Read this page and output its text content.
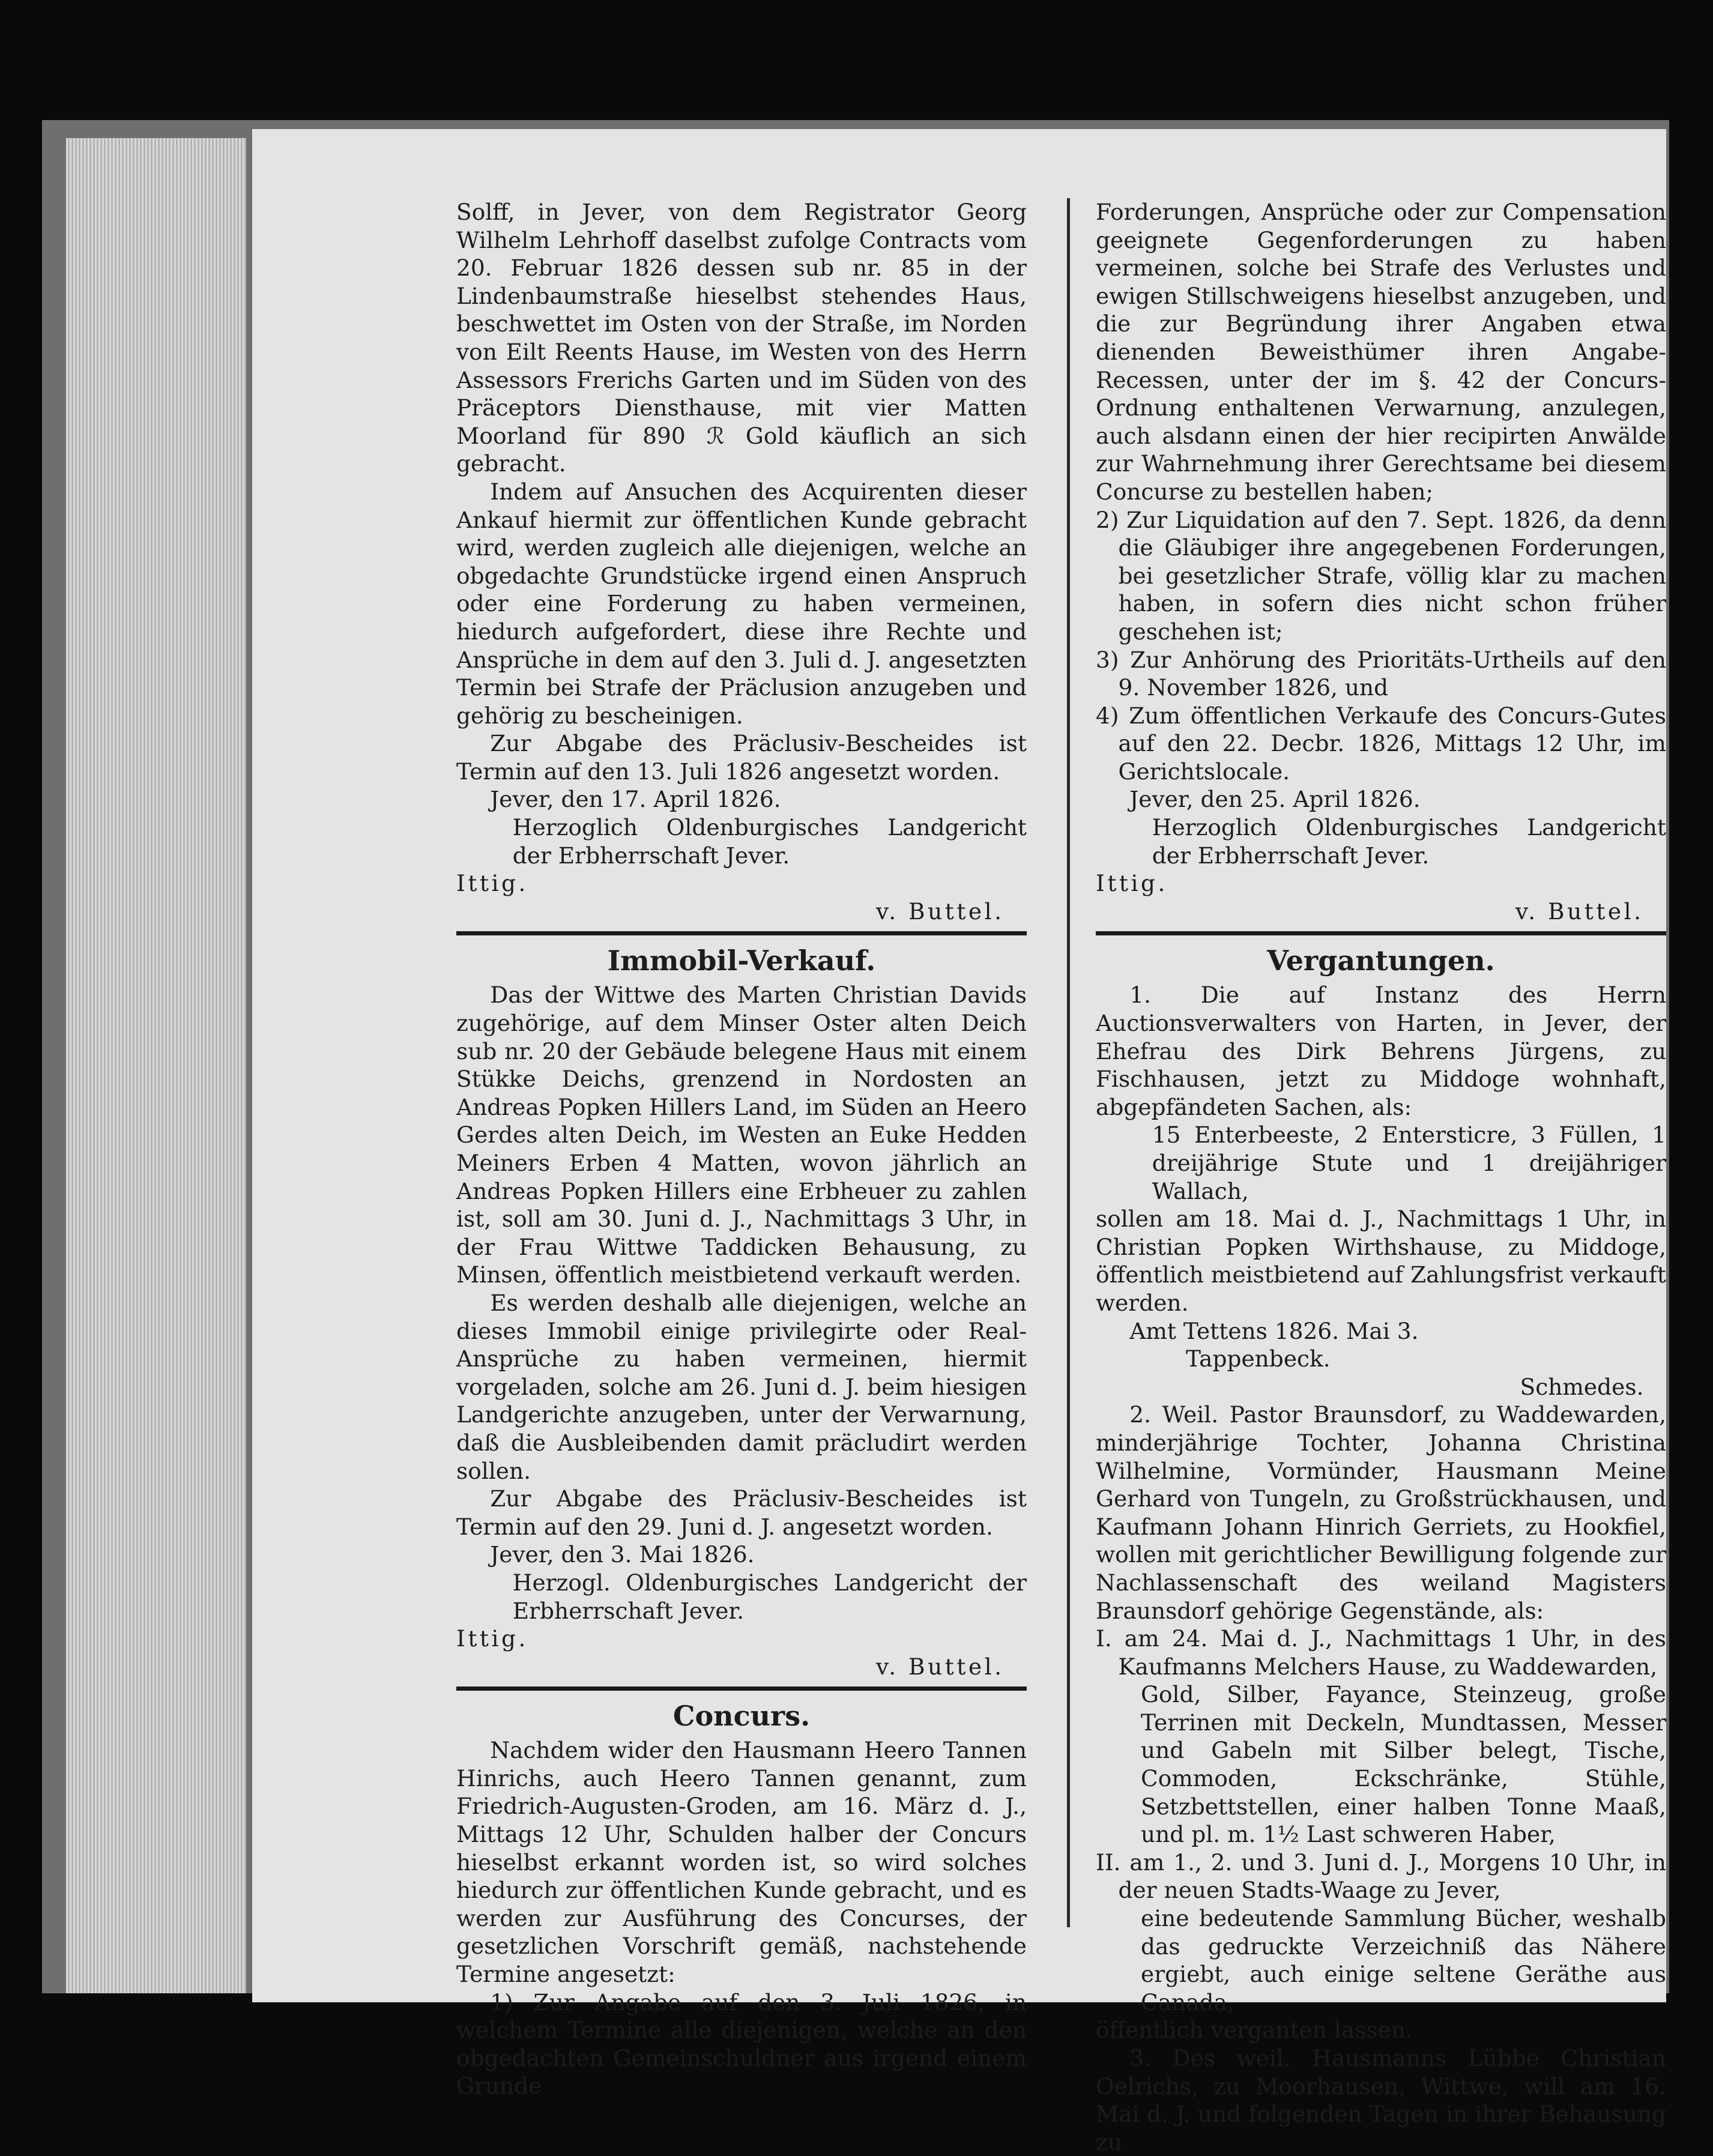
Solff, in Jever, von dem Registrator Georg Wilhelm Lehrhoff daselbst zufolge Contracts vom 20. Februar 1826 dessen sub nr. 85 in der Lindenbaumstraße hieselbst stehendes Haus, beschwettet im Osten von der Straße, im Norden von Eilt Reents Hause, im Westen von des Herrn Assessors Frerichs Garten und im Süden von des Präceptors Diensthause, mit vier Matten Moorland für 890 ℛ Gold käuflich an sich gebracht.

Indem auf Ansuchen des Acquirenten dieser Ankauf hiermit zur öffentlichen Kunde gebracht wird, werden zugleich alle diejenigen, welche an obgedachte Grundstücke irgend einen Anspruch oder eine Forderung zu haben vermeinen, hiedurch aufgefordert, diese ihre Rechte und Ansprüche in dem auf den 3. Juli d. J. angesetzten Termin bei Strafe der Präclusion anzugeben und gehörig zu bescheinigen.

Zur Abgabe des Präclusiv-Bescheides ist Termin auf den 13. Juli 1826 angesetzt worden.

Jever, den 17. April 1826.

Herzoglich Oldenburgisches Landgericht der Erbherrschaft Jever.

Ittig.

v. Buttel.

Immobil-Verkauf.

Das der Wittwe des Marten Christian Davids zugehörige, auf dem Minser Oster alten Deich sub nr. 20 der Gebäude belegene Haus mit einem Stükke Deichs, grenzend in Nordosten an Andreas Popken Hillers Land, im Süden an Heero Gerdes alten Deich, im Westen an Euke Hedden Meiners Erben 4 Matten, wovon jährlich an Andreas Popken Hillers eine Erbheuer zu zahlen ist, soll am 30. Juni d. J., Nachmittags 3 Uhr, in der Frau Wittwe Taddicken Behausung, zu Minsen, öffentlich meistbietend verkauft werden.

Es werden deshalb alle diejenigen, welche an dieses Immobil einige privilegirte oder Real-Ansprüche zu haben vermeinen, hiermit vorgeladen, solche am 26. Juni d. J. beim hiesigen Landgerichte anzugeben, unter der Verwarnung, daß die Ausbleibenden damit präcludirt werden sollen.

Zur Abgabe des Präclusiv-Bescheides ist Termin auf den 29. Juni d. J. angesetzt worden.

Jever, den 3. Mai 1826.

Herzogl. Oldenburgisches Landgericht der Erbherrschaft Jever.

Ittig.

v. Buttel.

Concurs.

Nachdem wider den Hausmann Heero Tannen Hinrichs, auch Heero Tannen genannt, zum Friedrich-Augusten-Groden, am 16. März d. J., Mittags 12 Uhr, Schulden halber der Concurs hieselbst erkannt worden ist, so wird solches hiedurch zur öffentlichen Kunde gebracht, und es werden zur Ausführung des Concurses, der gesetzlichen Vorschrift gemäß, nachstehende Termine angesetzt:

1) Zur Angabe auf den 3. Juli 1826, in welchem Termine alle diejenigen, welche an den obgedachten Gemeinschuldner aus irgend einem Grunde

Forderungen, Ansprüche oder zur Compensation geeignete Gegenforderungen zu haben vermeinen, solche bei Strafe des Verlustes und ewigen Stillschweigens hieselbst anzugeben, und die zur Begründung ihrer Angaben etwa dienenden Beweisthümer ihren Angabe-Recessen, unter der im §. 42 der Concurs-Ordnung enthaltenen Verwarnung, anzulegen, auch alsdann einen der hier recipirten Anwälde zur Wahrnehmung ihrer Gerechtsame bei diesem Concurse zu bestellen haben;

2) Zur Liquidation auf den 7. Sept. 1826, da denn die Gläubiger ihre angegebenen Forderungen, bei gesetzlicher Strafe, völlig klar zu machen haben, in sofern dies nicht schon früher geschehen ist;

3) Zur Anhörung des Prioritäts-Urtheils auf den 9. November 1826, und

4) Zum öffentlichen Verkaufe des Concurs-Gutes auf den 22. Decbr. 1826, Mittags 12 Uhr, im Gerichtslocale.

Jever, den 25. April 1826.

Herzoglich Oldenburgisches Landgericht der Erbherrschaft Jever.

Ittig.

v. Buttel.

Vergantungen.

1. Die auf Instanz des Herrn Auctionsverwalters von Harten, in Jever, der Ehefrau des Dirk Behrens Jürgens, zu Fischhausen, jetzt zu Middoge wohnhaft, abgepfändeten Sachen, als:

15 Enterbeeste, 2 Entersticre, 3 Füllen, 1 dreijährige Stute und 1 dreijähriger Wallach,

sollen am 18. Mai d. J., Nachmittags 1 Uhr, in Christian Popken Wirthshause, zu Middoge, öffentlich meistbietend auf Zahlungsfrist verkauft werden.

Amt Tettens 1826. Mai 3.

Tappenbeck.

Schmedes.

2. Weil. Pastor Braunsdorf, zu Waddewarden, minderjährige Tochter, Johanna Christina Wilhelmine, Vormünder, Hausmann Meine Gerhard von Tungeln, zu Großstrückhausen, und Kaufmann Johann Hinrich Gerriets, zu Hookfiel, wollen mit gerichtlicher Bewilligung folgende zur Nachlassenschaft des weiland Magisters Braunsdorf gehörige Gegenstände, als:

I. am 24. Mai d. J., Nachmittags 1 Uhr, in des Kaufmanns Melchers Hause, zu Waddewarden,

Gold, Silber, Fayance, Steinzeug, große Terrinen mit Deckeln, Mundtassen, Messer und Gabeln mit Silber belegt, Tische, Commoden, Eckschränke, Stühle, Setzbettstellen, einer halben Tonne Maaß, und pl. m. 1½ Last schweren Haber,

II. am 1., 2. und 3. Juni d. J., Morgens 10 Uhr, in der neuen Stadts-Waage zu Jever,

eine bedeutende Sammlung Bücher, weshalb das gedruckte Verzeichniß das Nähere ergiebt, auch einige seltene Geräthe aus Canada,

öffentlich verganten lassen.

3. Des weil. Hausmanns Lübbe Christian Oelrichs, zu Moorhausen, Wittwe, will am 16. Mai d. J. und folgenden Tagen in ihrer Behausung zu
